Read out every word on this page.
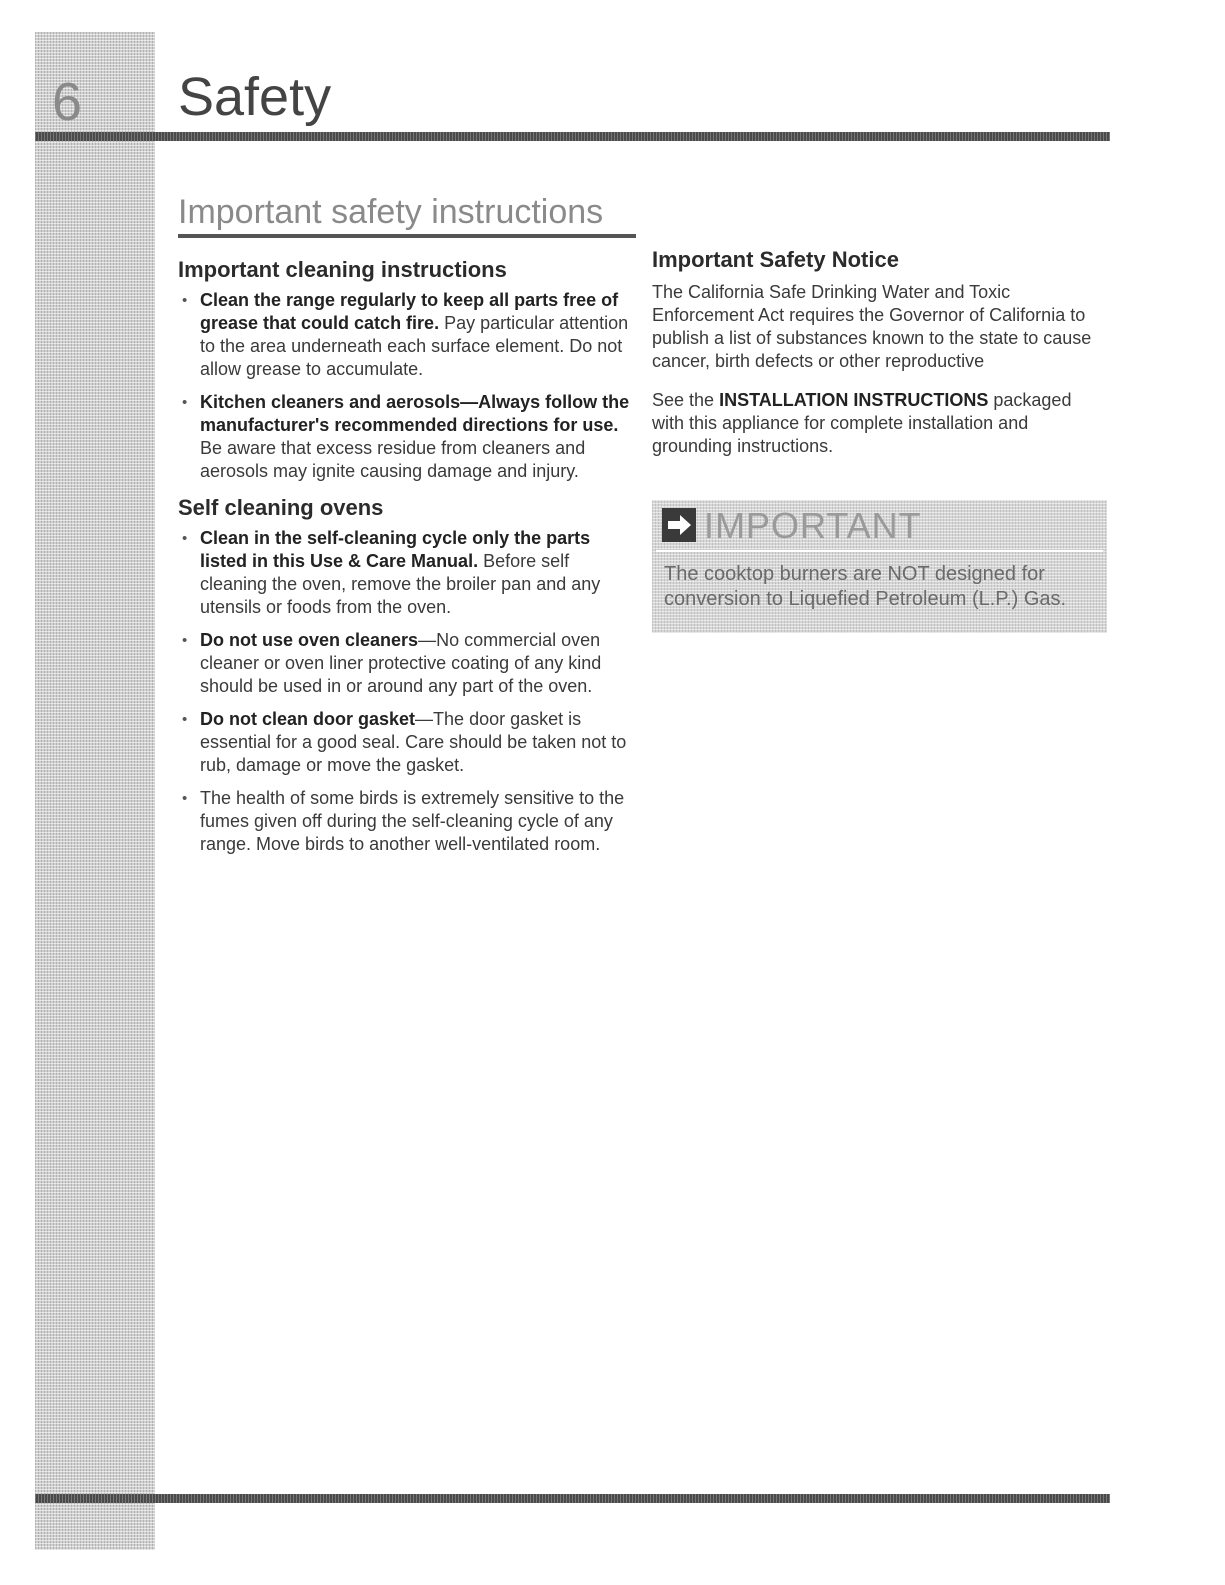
6 Safety
Important safety instructions
Important cleaning instructions
• Clean the range regularly to keep all parts free of grease that could catch fire. Pay particular attention to the area underneath each surface element. Do not allow grease to accumulate.
• Kitchen cleaners and aerosols—Always follow the manufacturer's recommended directions for use. Be aware that excess residue from cleaners and aerosols may ignite causing damage and injury.
Self cleaning ovens
• Clean in the self-cleaning cycle only the parts listed in this Use & Care Manual. Before self cleaning the oven, remove the broiler pan and any utensils or foods from the oven.
• Do not use oven cleaners—No commercial oven cleaner or oven liner protective coating of any kind should be used in or around any part of the oven.
• Do not clean door gasket—The door gasket is essential for a good seal. Care should be taken not to rub, damage or move the gasket.
• The health of some birds is extremely sensitive to the fumes given off during the self-cleaning cycle of any range. Move birds to another well-ventilated room.
Important Safety Notice

The California Safe Drinking Water and Toxic Enforcement Act requires the Governor of California to publish a list of substances known to the state to cause cancer, birth defects or other reproductive

See the INSTALLATION INSTRUCTIONS packaged with this appliance for complete installation and grounding instructions.

IMPORTANT
The cooktop burners are NOT designed for conversion to Liquefied Petroleum (L.P.) Gas.
